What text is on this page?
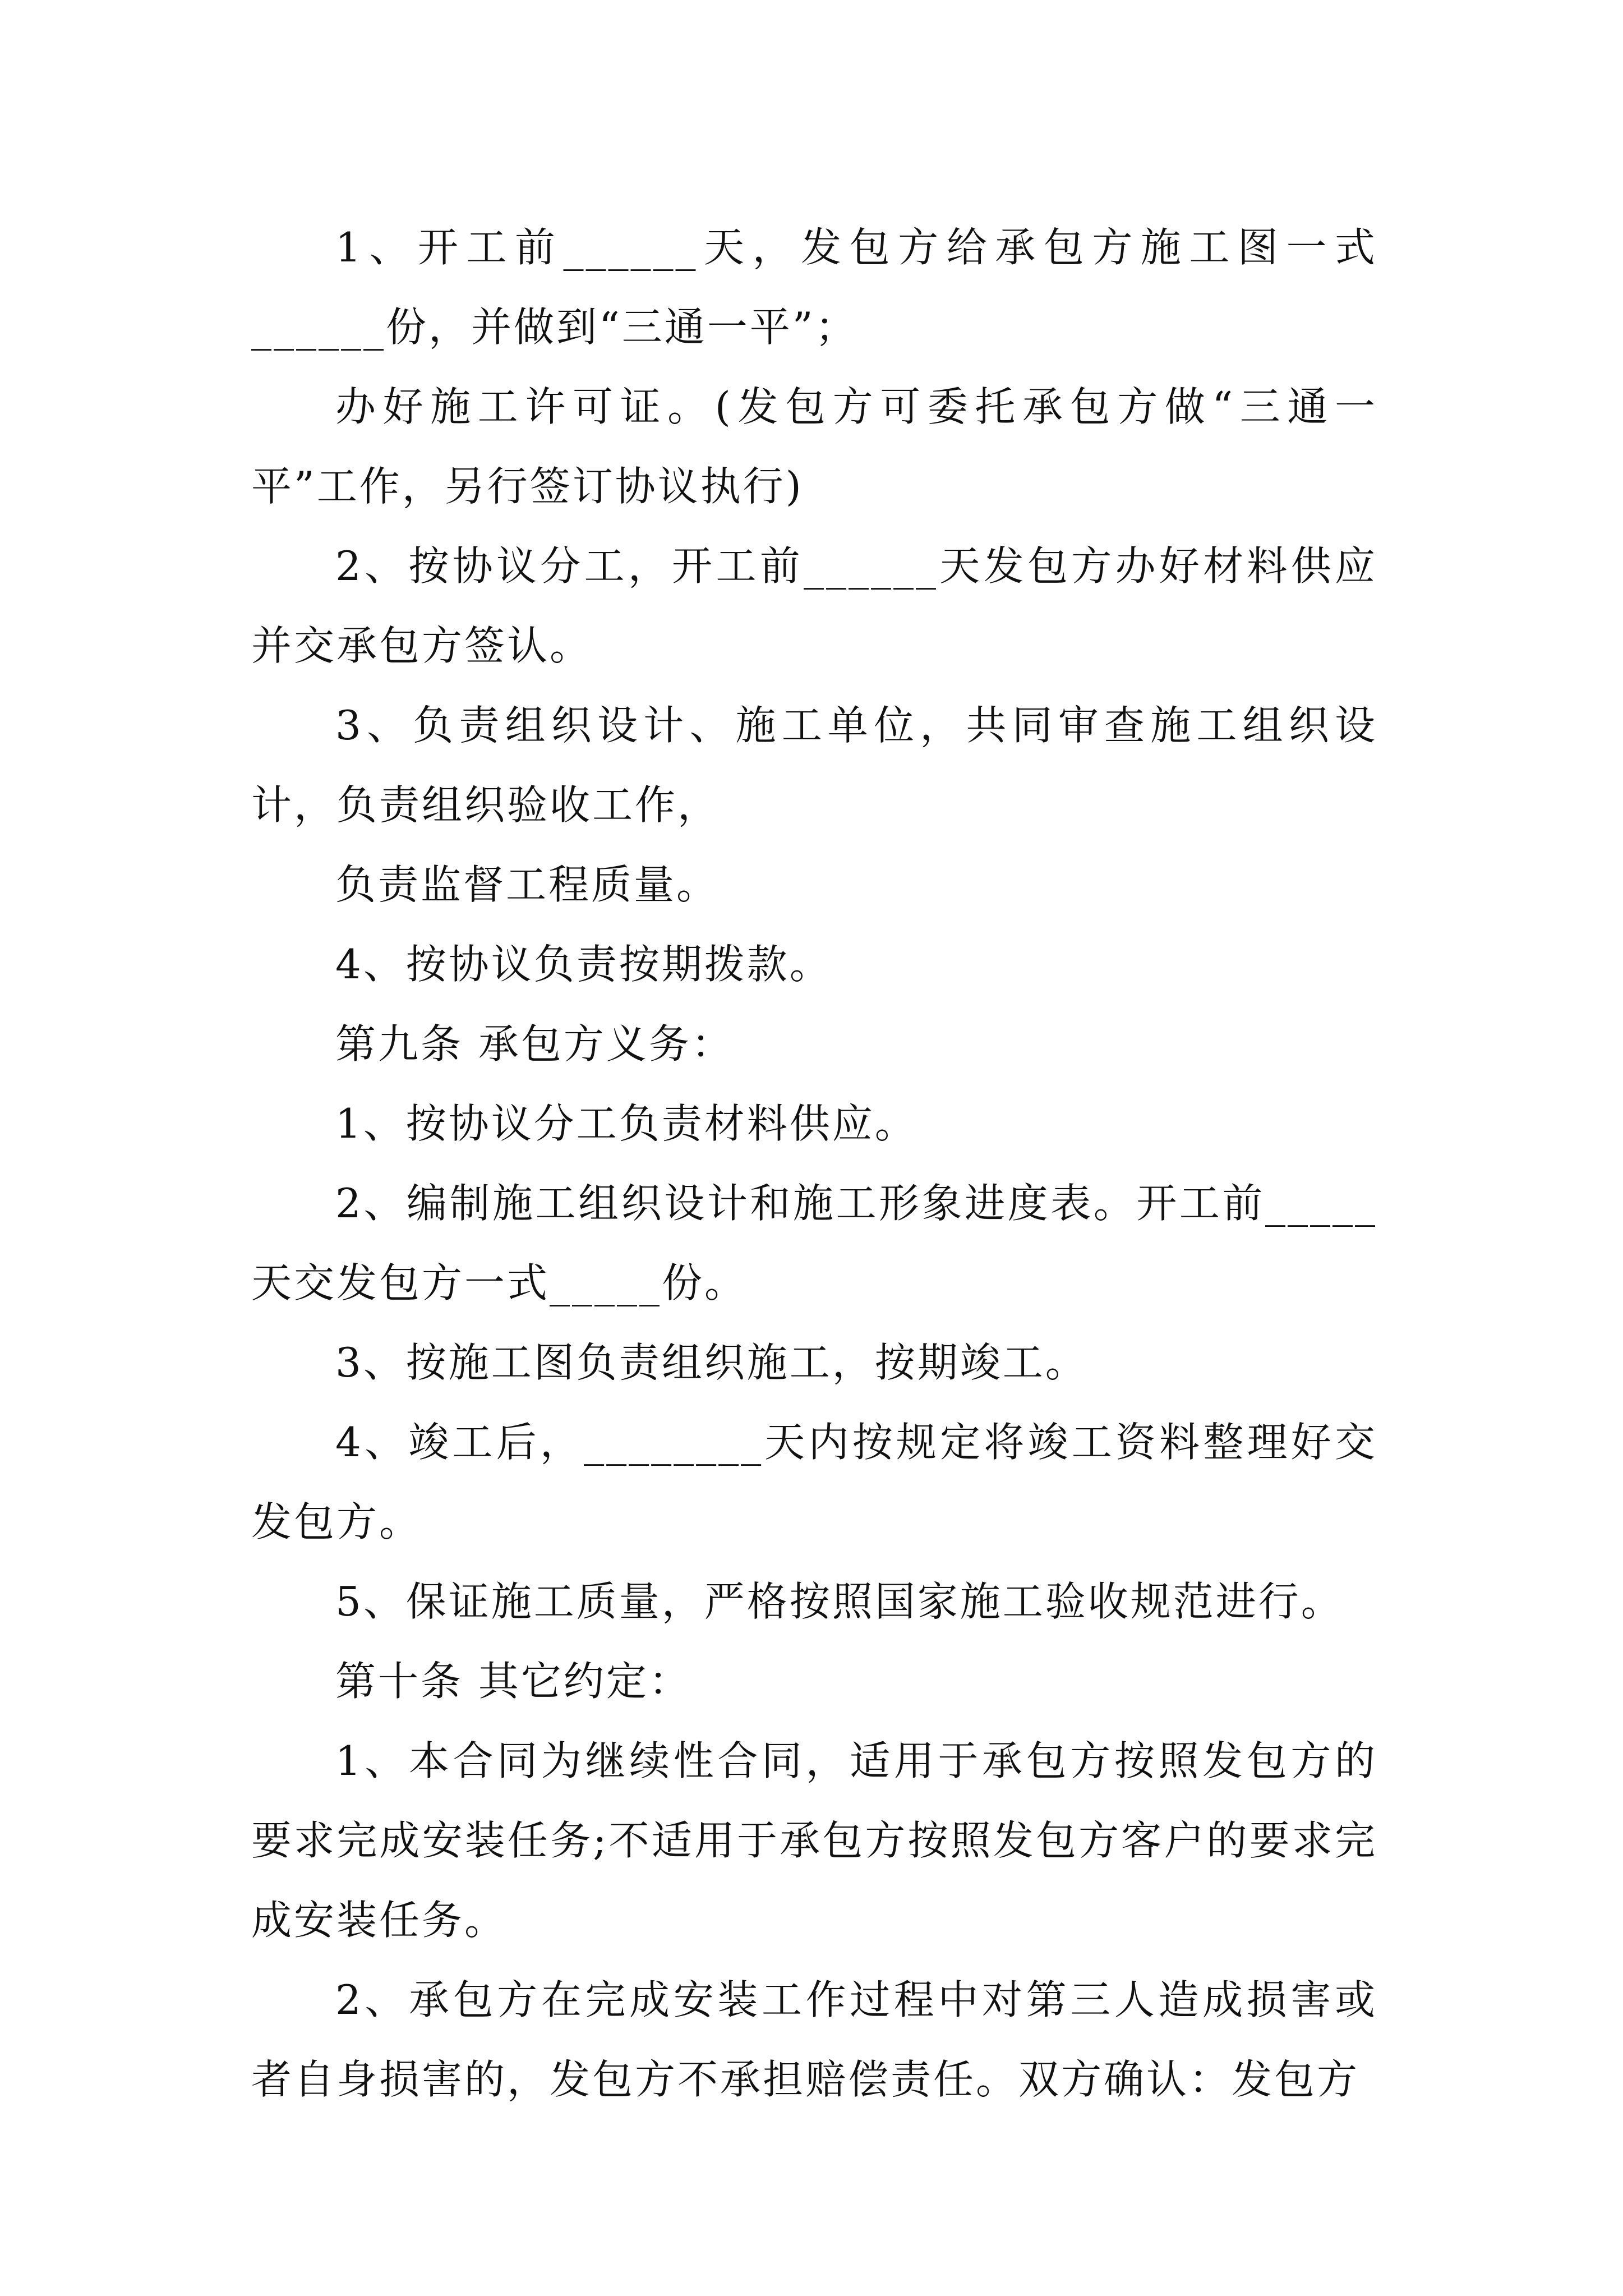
1、开工前______天，发包方给承包方施工图一式______份，并做到“三通一平”；

办好施工许可证。(发包方可委托承包方做“三通一平”工作，另行签订协议执行)

2、按协议分工，开工前______天发包方办好材料供应并交承包方签认。

3、负责组织设计、施工单位，共同审查施工组织设计，负责组织验收工作，

负责监督工程质量。

4、按协议负责按期拨款。

第九条 承包方义务：

1、按协议分工负责材料供应。

2、编制施工组织设计和施工形象进度表。开工前_____天交发包方一式_____份。

3、按施工图负责组织施工，按期竣工。

4、竣工后，________天内按规定将竣工资料整理好交发包方。

5、保证施工质量，严格按照国家施工验收规范进行。

第十条 其它约定：

1、本合同为继续性合同，适用于承包方按照发包方的要求完成安装任务;不适用于承包方按照发包方客户的要求完成安装任务。

2、承包方在完成安装工作过程中对第三人造成损害或者自身损害的，发包方不承担赔偿责任。双方确认：发包方
